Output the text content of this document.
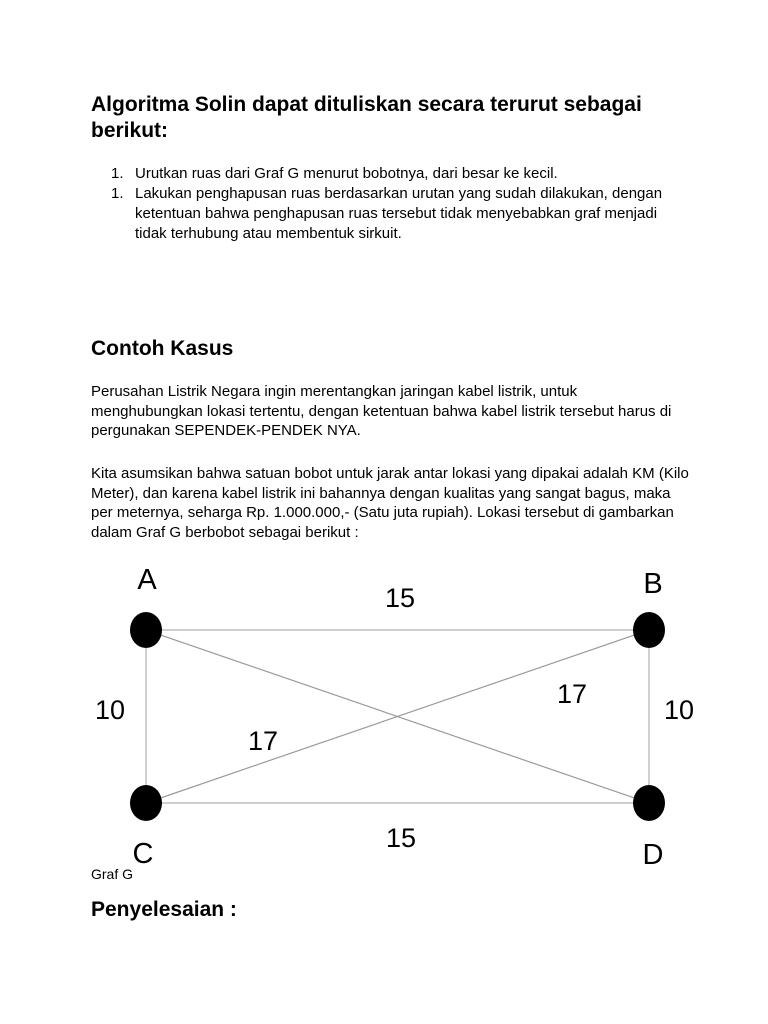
Algoritma Solin dapat dituliskan secara terurut sebagai berikut:
1. Urutkan ruas dari Graf G menurut bobotnya, dari besar ke kecil.
1. Lakukan penghapusan ruas berdasarkan urutan yang sudah dilakukan, dengan ketentuan bahwa penghapusan ruas tersebut tidak menyebabkan graf menjadi tidak terhubung atau membentuk sirkuit.
Contoh Kasus

Perusahan Listrik Negara ingin merentangkan jaringan kabel listrik, untuk menghubungkan lokasi tertentu, dengan ketentuan bahwa kabel listrik tersebut harus di pergunakan SEPENDEK-PENDEK NYA.

Kita asumsikan bahwa satuan bobot untuk jarak antar lokasi yang dipakai adalah KM (Kilo Meter), dan karena kabel listrik ini bahannya dengan kualitas yang sangat bagus, maka per meternya, seharga Rp. 1.000.000,- (Satu juta rupiah). Lokasi tersebut di gambarkan dalam Graf G berbobot sebagai berikut :

A	B
C	D
15
10	10
15
17
17

Graf G

Penyelesaian :
